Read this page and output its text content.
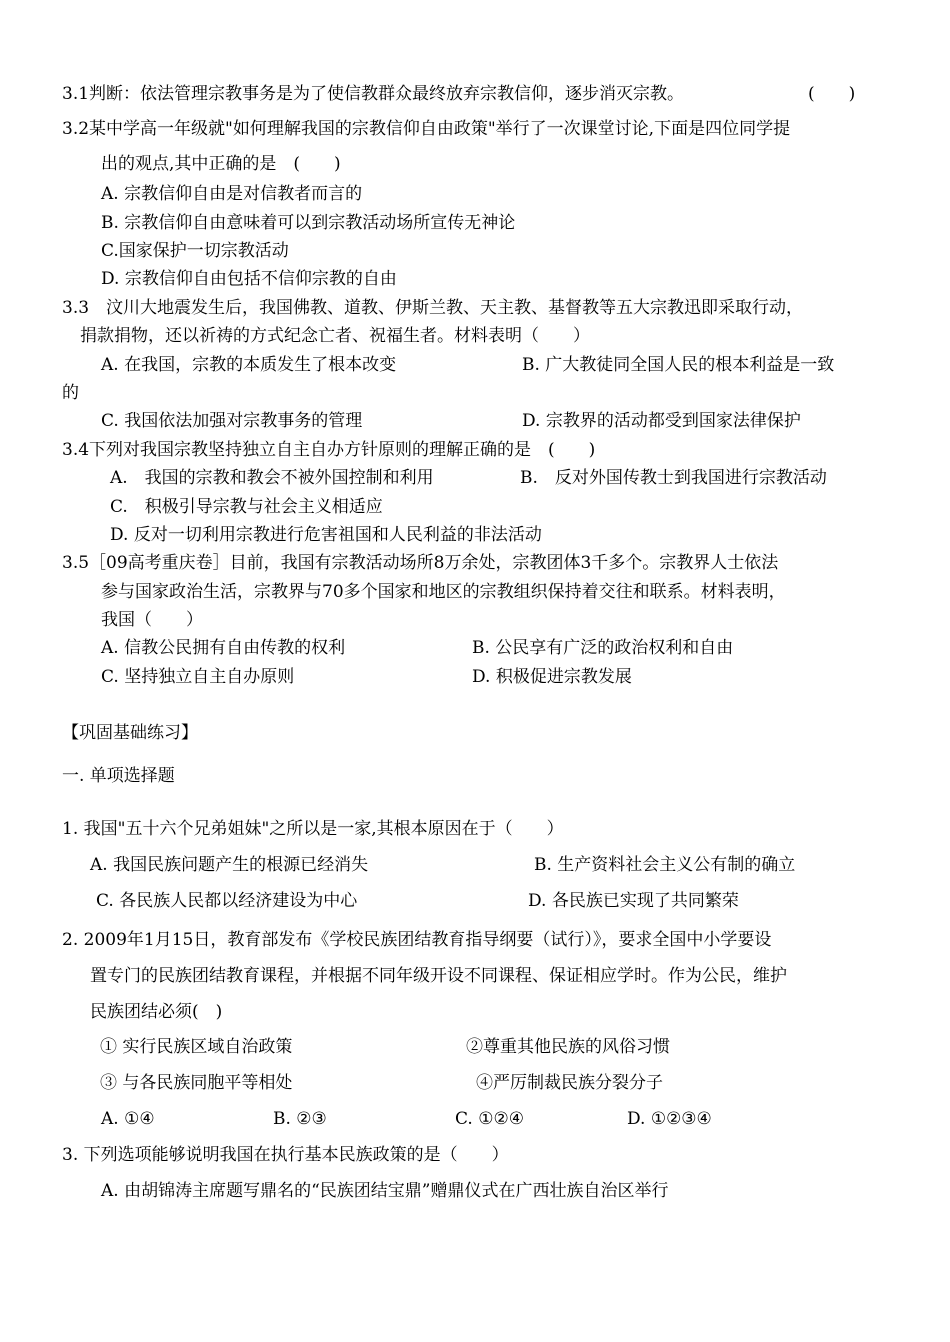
3.1判断：依法管理宗教事务是为了使信教群众最终放弃宗教信仰，逐步消灭宗教。	(　　)
3.2某中学高一年级就"如何理解我国的宗教信仰自由政策"举行了一次课堂讨论,下面是四位同学提
出的观点,其中正确的是　(　　)
A. 宗教信仰自由是对信教者而言的
B. 宗教信仰自由意味着可以到宗教活动场所宣传无神论
C.国家保护一切宗教活动
D. 宗教信仰自由包括不信仰宗教的自由
3.3　汶川大地震发生后，我国佛教、道教、伊斯兰教、天主教、基督教等五大宗教迅即采取行动，
捐款捐物，还以祈祷的方式纪念亡者、祝福生者。材料表明（　　）
A. 在我国，宗教的本质发生了根本改变	B. 广大教徒同全国人民的根本利益是一致
的
C. 我国依法加强对宗教事务的管理	D. 宗教界的活动都受到国家法律保护
3.4下列对我国宗教坚持独立自主自办方针原则的理解正确的是　(　　)
A.　我国的宗教和教会不被外国控制和利用	B.　反对外国传教士到我国进行宗教活动
C.　积极引导宗教与社会主义相适应
D. 反对一切利用宗教进行危害祖国和人民利益的非法活动
3.5［09高考重庆卷］目前，我国有宗教活动场所8万余处，宗教团体3千多个。宗教界人士依法
参与国家政治生活，宗教界与70多个国家和地区的宗教组织保持着交往和联系。材料表明，
我国（　　）
A. 信教公民拥有自由传教的权利	B. 公民享有广泛的政治权利和自由
C. 坚持独立自主自办原则	D. 积极促进宗教发展
【巩固基础练习】
一. 单项选择题
1. 我国"五十六个兄弟姐妹"之所以是一家,其根本原因在于（　　）
A. 我国民族问题产生的根源已经消失	B. 生产资料社会主义公有制的确立
C. 各民族人民都以经济建设为中心	D. 各民族已实现了共同繁荣
2. 2009年1月15日，教育部发布《学校民族团结教育指导纲要（试行）》，要求全国中小学要设
置专门的民族团结教育课程，并根据不同年级开设不同课程、保证相应学时。作为公民，维护
民族团结必须(　)
① 实行民族区域自治政策	②尊重其他民族的风俗习惯
③ 与各民族同胞平等相处	④严厉制裁民族分裂分子
A. ①④	B. ②③	C. ①②④	D. ①②③④
3. 下列选项能够说明我国在执行基本民族政策的是（　　）
A. 由胡锦涛主席题写鼎名的“民族团结宝鼎”赠鼎仪式在广西壮族自治区举行
